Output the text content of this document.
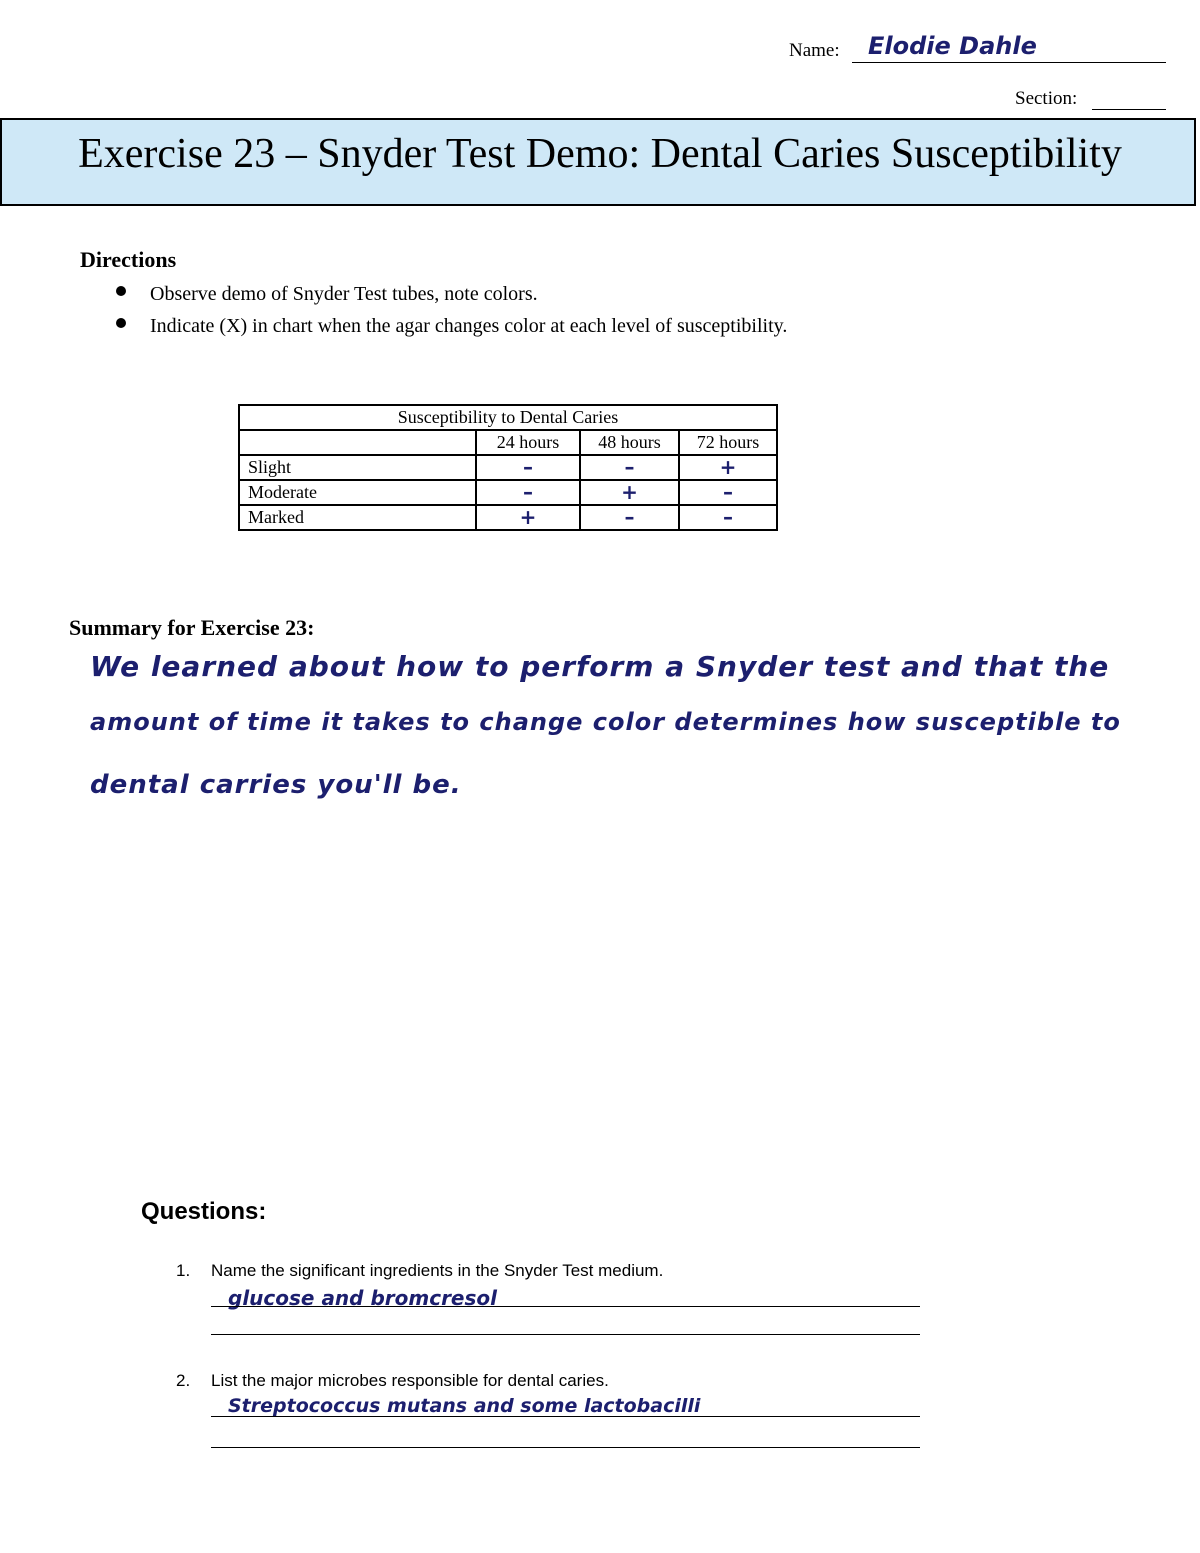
Name: Elodie Dahle
Section:
Exercise 23 – Snyder Test Demo: Dental Caries Susceptibility
Directions
Observe demo of Snyder Test tubes, note colors.
Indicate (X) in chart when the agar changes color at each level of susceptibility.
Susceptibility to Dental Caries			
	24 hours	48 hours	72 hours
Slight	–	–	+
Moderate	–	+	–
Marked	+	–	–
Summary for Exercise 23:
We learned about how to perform a Snyder test and that the
amount of time it takes to change color determines how susceptible to
dental carries you'll be.
Questions:
1. Name the significant ingredients in the Snyder Test medium.
glucose and bromcresol
2. List the major microbes responsible for dental caries.
Streptococcus mutans and some lactobacilli
